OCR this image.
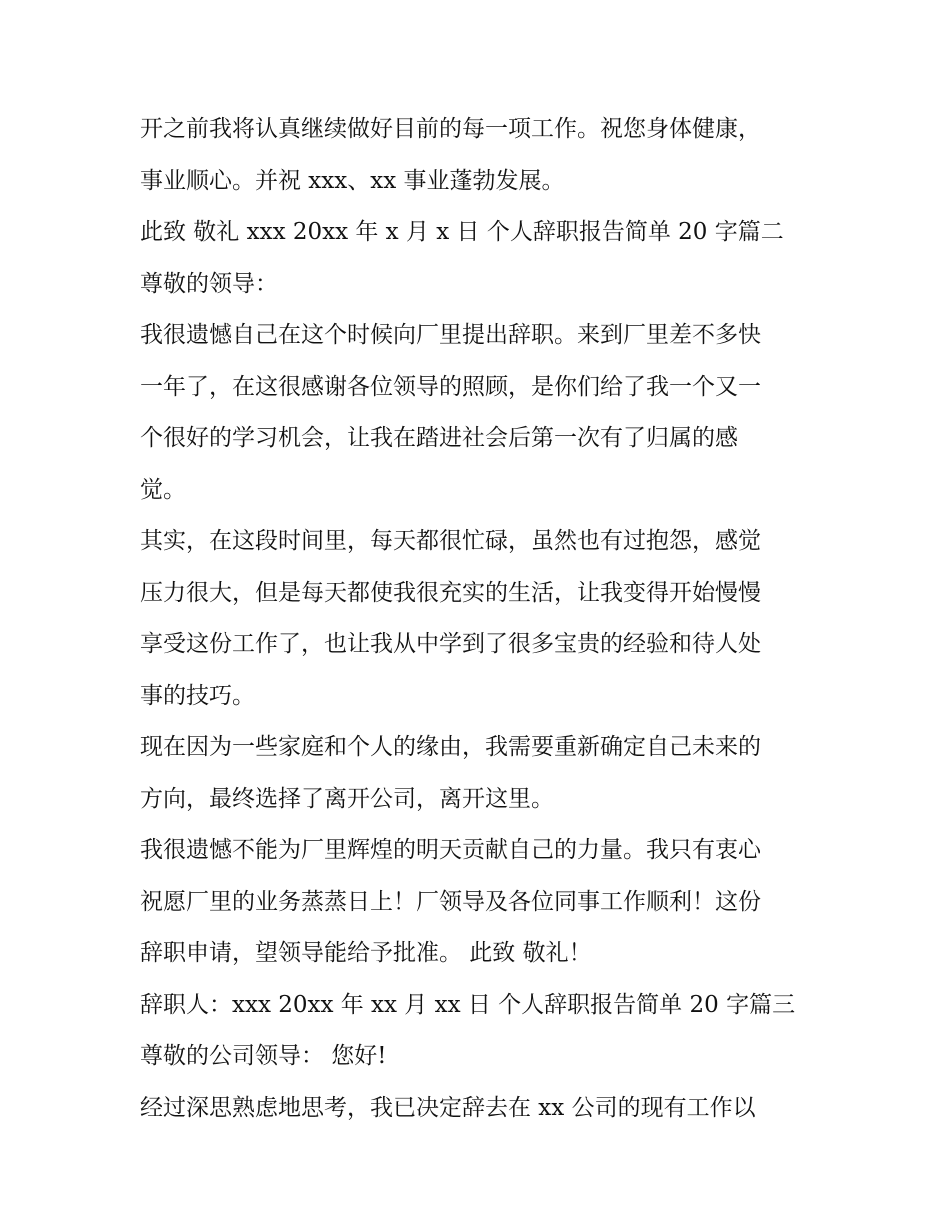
开之前我将认真继续做好目前的每一项工作。祝您身体健康，
事业顺心。并祝 xxx、xx 事业蓬勃发展。
此致 敬礼 xxx 20xx 年 x 月 x 日 个人辞职报告简单 20 字篇二
尊敬的领导：
我很遗憾自己在这个时候向厂里提出辞职。来到厂里差不多快
一年了，在这很感谢各位领导的照顾，是你们给了我一个又一
个很好的学习机会，让我在踏进社会后第一次有了归属的感
觉。
其实，在这段时间里，每天都很忙碌，虽然也有过抱怨，感觉
压力很大，但是每天都使我很充实的生活，让我变得开始慢慢
享受这份工作了，也让我从中学到了很多宝贵的经验和待人处
事的技巧。
现在因为一些家庭和个人的缘由，我需要重新确定自己未来的
方向，最终选择了离开公司，离开这里。
我很遗憾不能为厂里辉煌的明天贡献自己的力量。我只有衷心
祝愿厂里的业务蒸蒸日上！厂领导及各位同事工作顺利！这份
辞职申请，望领导能给予批准。 此致 敬礼！
辞职人：xxx 20xx 年 xx 月 xx 日 个人辞职报告简单 20 字篇三
尊敬的公司领导： 您好!
经过深思熟虑地思考，我已决定辞去在 xx 公司的现有工作以
